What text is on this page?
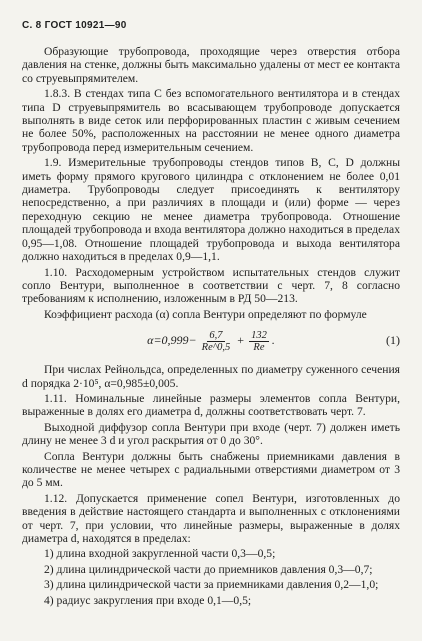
С. 8 ГОСТ 10921—90

Образующие трубопровода, проходящие через отверстия отбора давления на стенке, должны быть максимально удалены от мест ее контакта со струевыпрямителем.

1.8.3. В стендах типа С без вспомогательного вентилятора и в стендах типа D струевыпрямитель во всасывающем трубопроводе допускается выполнять в виде сеток или перфорированных пластин с живым сечением не более 50%, расположенных на расстоянии не менее одного диаметра трубопровода перед измерительным сечением.

1.9. Измерительные трубопроводы стендов типов B, C, D должны иметь форму прямого кругового цилиндра с отклонением не более 0,01 диаметра. Трубопроводы следует присоединять к вентилятору непосредственно, а при различиях в площади и (или) форме — через переходную секцию не менее диаметра трубопровода. Отношение площадей трубопровода и входа вентилятора должно находиться в пределах 0,95—1,08. Отношение площадей трубопровода и выхода вентилятора должно находиться в пределах 0,9—1,1.

1.10. Расходомерным устройством испытательных стендов служит сопло Вентури, выполненное в соответствии с черт. 7, 8 согласно требованиям к исполнению, изложенным в РД 50—213.

Коэффициент расхода (α) сопла Вентури определяют по формуле

$\alpha=0,999- \frac{6,7}{Re\^{}0,5} + \frac{132}{Re}$ .	(1)

При числах Рейнольдса, определенных по диаметру суженного сечения d порядка 2·10⁵, α=0,985±0,005.

1.11. Номинальные линейные размеры элементов сопла Вентури, выраженные в долях его диаметра d, должны соответствовать черт. 7.

Выходной диффузор сопла Вентури при входе (черт. 7) должен иметь длину не менее 3 d и угол раскрытия от 0 до 30°.

Сопла Вентури должны быть снабжены приемниками давления в количестве не менее четырех с радиальными отверстиями диаметром от 3 до 5 мм.

1.12. Допускается применение сопел Вентури, изготовленных до введения в действие настоящего стандарта и выполненных с отклонениями от черт. 7, при условии, что линейные размеры, выраженные в долях диаметра d, находятся в пределах:

1) длина входной закругленной части 0,3—0,5;

2) длина цилиндрической части до приемников давления 0,3—0,7;

3) длина цилиндрической части за приемниками давления 0,2—1,0;

4) радиус закругления при входе 0,1—0,5;
